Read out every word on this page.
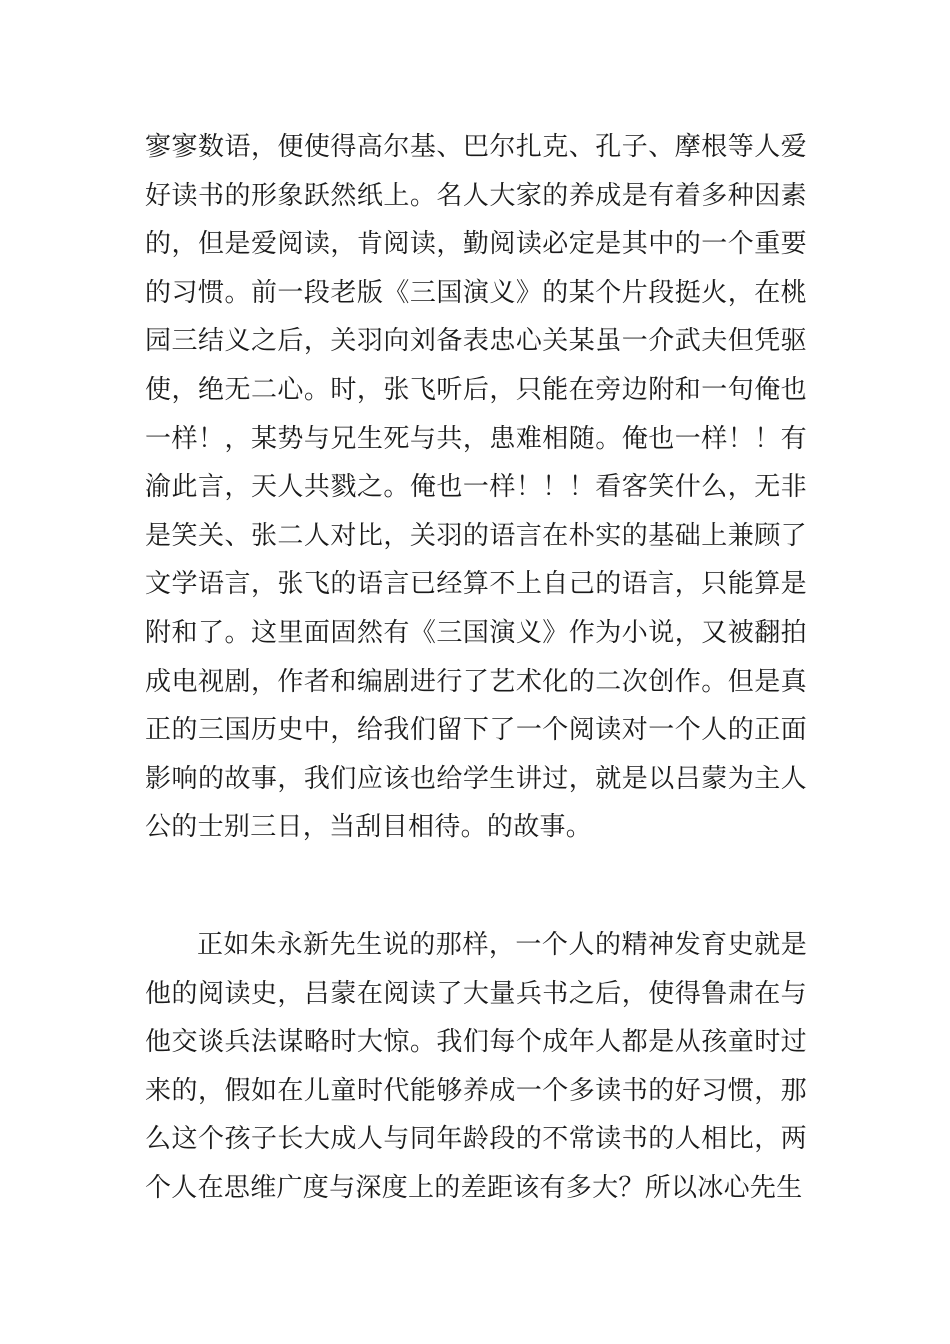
寥寥数语，便使得高尔基、巴尔扎克、孔子、摩根等人爱好读书的形象跃然纸上。名人大家的养成是有着多种因素的，但是爱阅读，肯阅读，勤阅读必定是其中的一个重要的习惯。前一段老版《三国演义》的某个片段挺火，在桃园三结义之后，关羽向刘备表忠心关某虽一介武夫但凭驱使，绝无二心。时，张飞听后，只能在旁边附和一句俺也一样！，某势与兄生死与共，患难相随。俺也一样！！有渝此言，天人共戮之。俺也一样！！！看客笑什么，无非是笑关、张二人对比，关羽的语言在朴实的基础上兼顾了文学语言，张飞的语言已经算不上自己的语言，只能算是附和了。这里面固然有《三国演义》作为小说，又被翻拍成电视剧，作者和编剧进行了艺术化的二次创作。但是真正的三国历史中，给我们留下了一个阅读对一个人的正面影响的故事，我们应该也给学生讲过，就是以吕蒙为主人公的士别三日，当刮目相待。的故事。

正如朱永新先生说的那样，一个人的精神发育史就是他的阅读史，吕蒙在阅读了大量兵书之后，使得鲁肃在与他交谈兵法谋略时大惊。我们每个成年人都是从孩童时过来的，假如在儿童时代能够养成一个多读书的好习惯，那么这个孩子长大成人与同年龄段的不常读书的人相比，两个人在思维广度与深度上的差距该有多大？所以冰心先生
